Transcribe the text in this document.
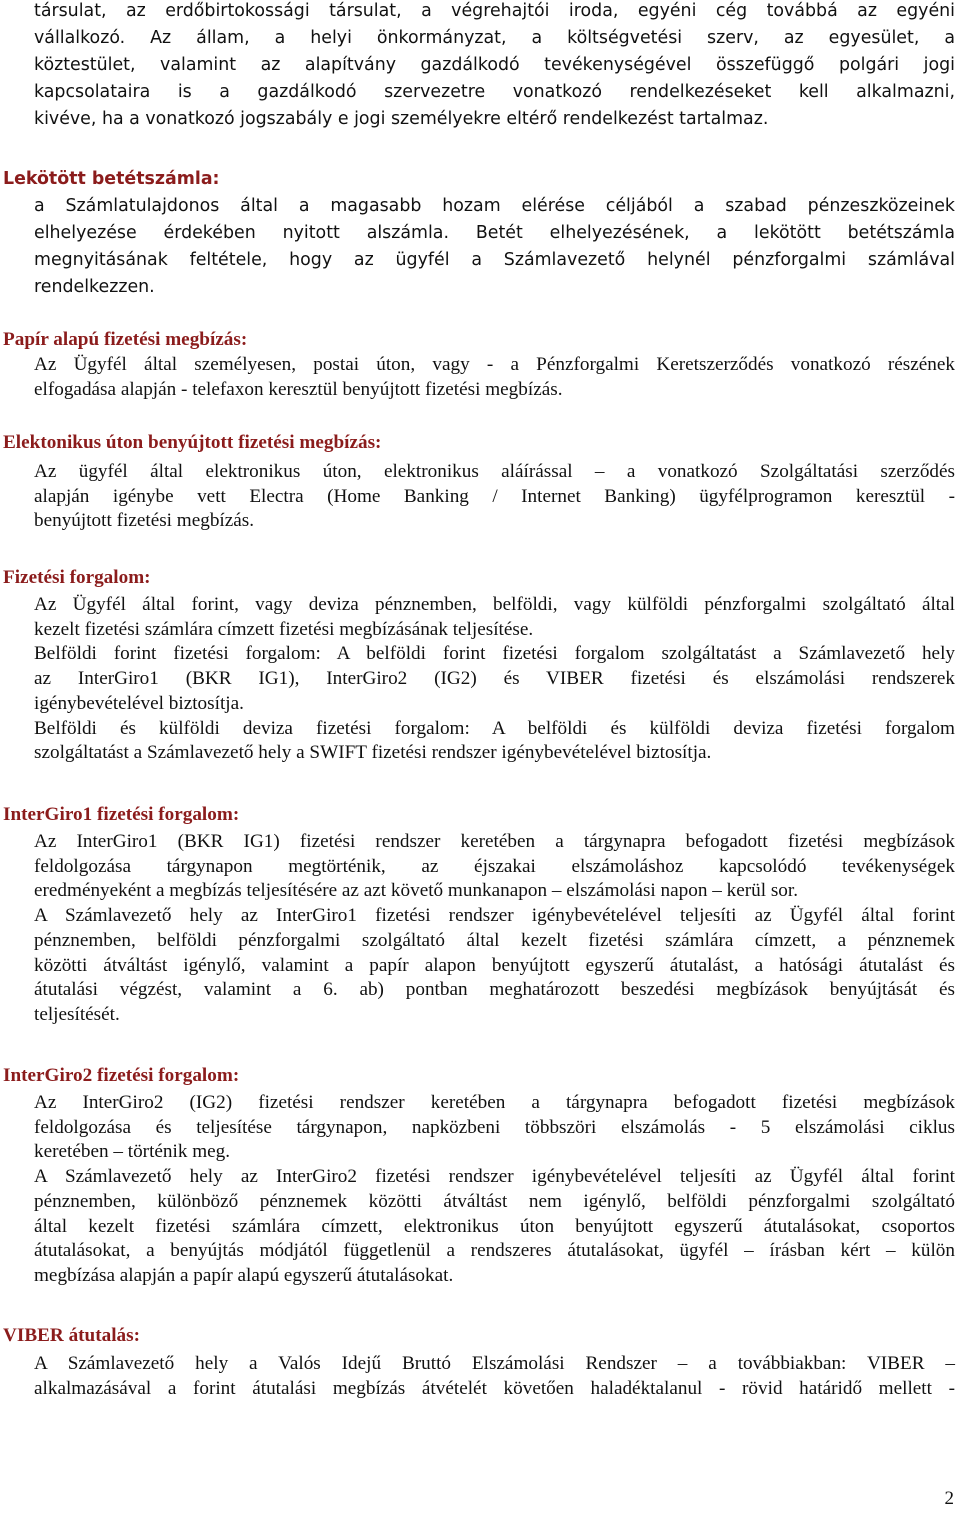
társulat, az erdőbirtokossági társulat, a végrehajtói iroda, egyéni cég továbbá az egyéni
vállalkozó. Az állam, a helyi önkormányzat, a költségvetési szerv, az egyesület, a
köztestület, valamint az alapítvány gazdálkodó tevékenységével összefüggő polgári jogi
kapcsolataira is a gazdálkodó szervezetre vonatkozó rendelkezéseket kell alkalmazni,
kivéve, ha a vonatkozó jogszabály e jogi személyekre eltérő rendelkezést tartalmaz.

Lekötött betétszámla:

a Számlatulajdonos által a magasabb hozam elérése céljából a szabad pénzeszközeinek
elhelyezése érdekében nyitott alszámla. Betét elhelyezésének, a lekötött betétszámla
megnyitásának feltétele, hogy az ügyfél a Számlavezető helynél pénzforgalmi számlával
rendelkezzen.

Papír alapú fizetési megbízás:

Az Ügyfél által személyesen, postai úton, vagy - a Pénzforgalmi Keretszerződés vonatkozó részének
elfogadása alapján - telefaxon keresztül benyújtott fizetési megbízás.

Elektonikus úton benyújtott fizetési megbízás:

Az ügyfél által elektronikus úton, elektronikus aláírással – a vonatkozó Szolgáltatási szerződés
alapján igénybe vett Electra (Home Banking / Internet Banking) ügyfélprogramon keresztül -
benyújtott fizetési megbízás.

Fizetési forgalom:

Az Ügyfél által forint, vagy deviza pénznemben, belföldi, vagy külföldi pénzforgalmi szolgáltató által
kezelt fizetési számlára címzett fizetési megbízásának teljesítése.
Belföldi forint fizetési forgalom: A belföldi forint fizetési forgalom szolgáltatást a Számlavezető hely
az InterGiro1 (BKR IG1), InterGiro2 (IG2) és VIBER fizetési és elszámolási rendszerek
igénybevételével biztosítja.
Belföldi és külföldi deviza fizetési forgalom: A belföldi és külföldi deviza fizetési forgalom
szolgáltatást a Számlavezető hely a SWIFT fizetési rendszer igénybevételével biztosítja.

InterGiro1 fizetési forgalom:

Az InterGiro1 (BKR IG1) fizetési rendszer keretében a tárgynapra befogadott fizetési megbízások
feldolgozása tárgynapon megtörténik, az éjszakai elszámoláshoz kapcsolódó tevékenységek
eredményeként a megbízás teljesítésére az azt követő munkanapon – elszámolási napon – kerül sor.
A Számlavezető hely az InterGiro1 fizetési rendszer igénybevételével teljesíti az Ügyfél által forint
pénznemben, belföldi pénzforgalmi szolgáltató által kezelt fizetési számlára címzett, a pénznemek
közötti átváltást igénylő, valamint a papír alapon benyújtott egyszerű átutalást, a hatósági átutalást és
átutalási végzést, valamint a 6. ab) pontban meghatározott beszedési megbízások benyújtását és
teljesítését.

InterGiro2 fizetési forgalom:

Az InterGiro2 (IG2) fizetési rendszer keretében a tárgynapra befogadott fizetési megbízások
feldolgozása és teljesítése tárgynapon, napközbeni többszöri elszámolás - 5 elszámolási ciklus
keretében – történik meg.
A Számlavezető hely az InterGiro2 fizetési rendszer igénybevételével teljesíti az Ügyfél által forint
pénznemben, különböző pénznemek közötti átváltást nem igénylő, belföldi pénzforgalmi szolgáltató
által kezelt fizetési számlára címzett, elektronikus úton benyújtott egyszerű átutalásokat, csoportos
átutalásokat, a benyújtás módjától függetlenül a rendszeres átutalásokat, ügyfél – írásban kért – külön
megbízása alapján a papír alapú egyszerű átutalásokat.

VIBER átutalás:

A Számlavezető hely a Valós Idejű Bruttó Elszámolási Rendszer – a továbbiakban: VIBER –
alkalmazásával a forint átutalási megbízás átvételét követően haladéktalanul - rövid határidő mellett -

2
